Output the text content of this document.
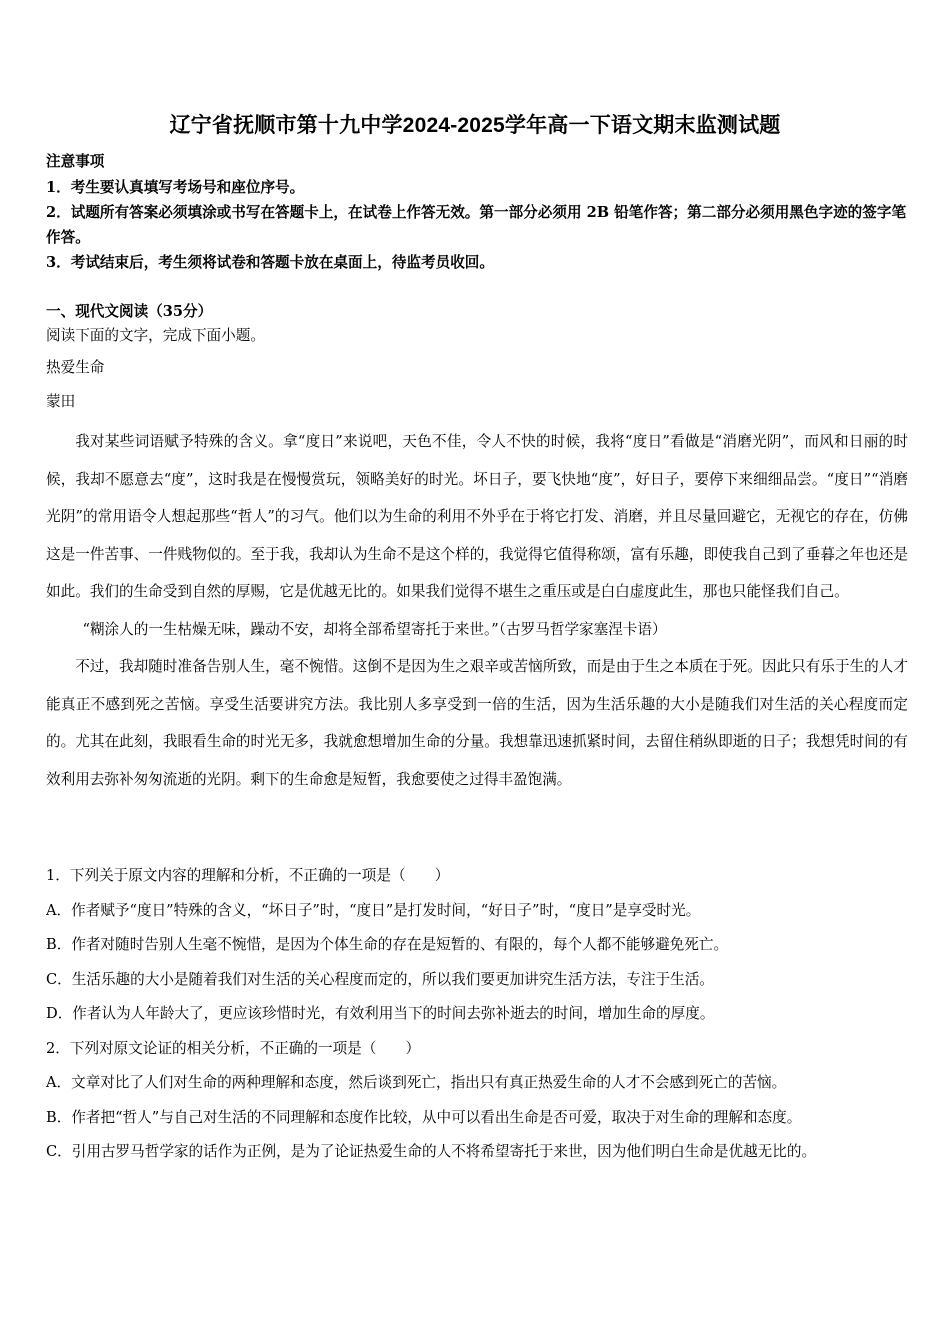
辽宁省抚顺市第十九中学2024-2025学年高一下语文期末监测试题
注意事项

1．考生要认真填写考场号和座位序号。

2．试题所有答案必须填涂或书写在答题卡上，在试卷上作答无效。第一部分必须用 2B 铅笔作答；第二部分必须用黑色字迹的签字笔作答。

3．考试结束后，考生须将试卷和答题卡放在桌面上，待监考员收回。

一、现代文阅读（35分）
阅读下面的文字，完成下面小题。
热爱生命
蒙田

我对某些词语赋予特殊的含义。拿“度日”来说吧，天色不佳，令人不快的时候，我将“度日”看做是“消磨光阴”，而风和日丽的时候，我却不愿意去“度”，这时我是在慢慢赏玩，领略美好的时光。坏日子，要飞快地“度”，好日子，要停下来细细品尝。“度日”“消磨光阴”的常用语令人想起那些“哲人”的习气。他们以为生命的利用不外乎在于将它打发、消磨，并且尽量回避它，无视它的存在，仿佛这是一件苦事、一件贱物似的。至于我，我却认为生命不是这个样的，我觉得它值得称颂，富有乐趣，即使我自己到了垂暮之年也还是如此。我们的生命受到自然的厚赐，它是优越无比的。如果我们觉得不堪生之重压或是白白虚度此生，那也只能怪我们自己。

“糊涂人的一生枯燥无味，躁动不安，却将全部希望寄托于来世。”（古罗马哲学家塞涅卡语）

不过，我却随时准备告别人生，毫不惋惜。这倒不是因为生之艰辛或苦恼所致，而是由于生之本质在于死。因此只有乐于生的人才能真正不感到死之苦恼。享受生活要讲究方法。我比别人多享受到一倍的生活，因为生活乐趣的大小是随我们对生活的关心程度而定的。尤其在此刻，我眼看生命的时光无多，我就愈想增加生命的分量。我想靠迅速抓紧时间，去留住稍纵即逝的日子；我想凭时间的有效利用去弥补匆匆流逝的光阴。剩下的生命愈是短暂，我愈要使之过得丰盈饱满。

1．下列关于原文内容的理解和分析，不正确的一项是（　　）

A．作者赋予“度日”特殊的含义，“坏日子”时，“度日”是打发时间，“好日子”时，“度日”是享受时光。

B．作者对随时告别人生毫不惋惜，是因为个体生命的存在是短暂的、有限的，每个人都不能够避免死亡。

C．生活乐趣的大小是随着我们对生活的关心程度而定的，所以我们要更加讲究生活方法，专注于生活。

D．作者认为人年龄大了，更应该珍惜时光，有效利用当下的时间去弥补逝去的时间，增加生命的厚度。

2．下列对原文论证的相关分析，不正确的一项是（　　）

A．文章对比了人们对生命的两种理解和态度，然后谈到死亡，指出只有真正热爱生命的人才不会感到死亡的苦恼。

B．作者把“哲人”与自己对生活的不同理解和态度作比较，从中可以看出生命是否可爱，取决于对生命的理解和态度。

C．引用古罗马哲学家的话作为正例，是为了论证热爱生命的人不将希望寄托于来世，因为他们明白生命是优越无比的。
